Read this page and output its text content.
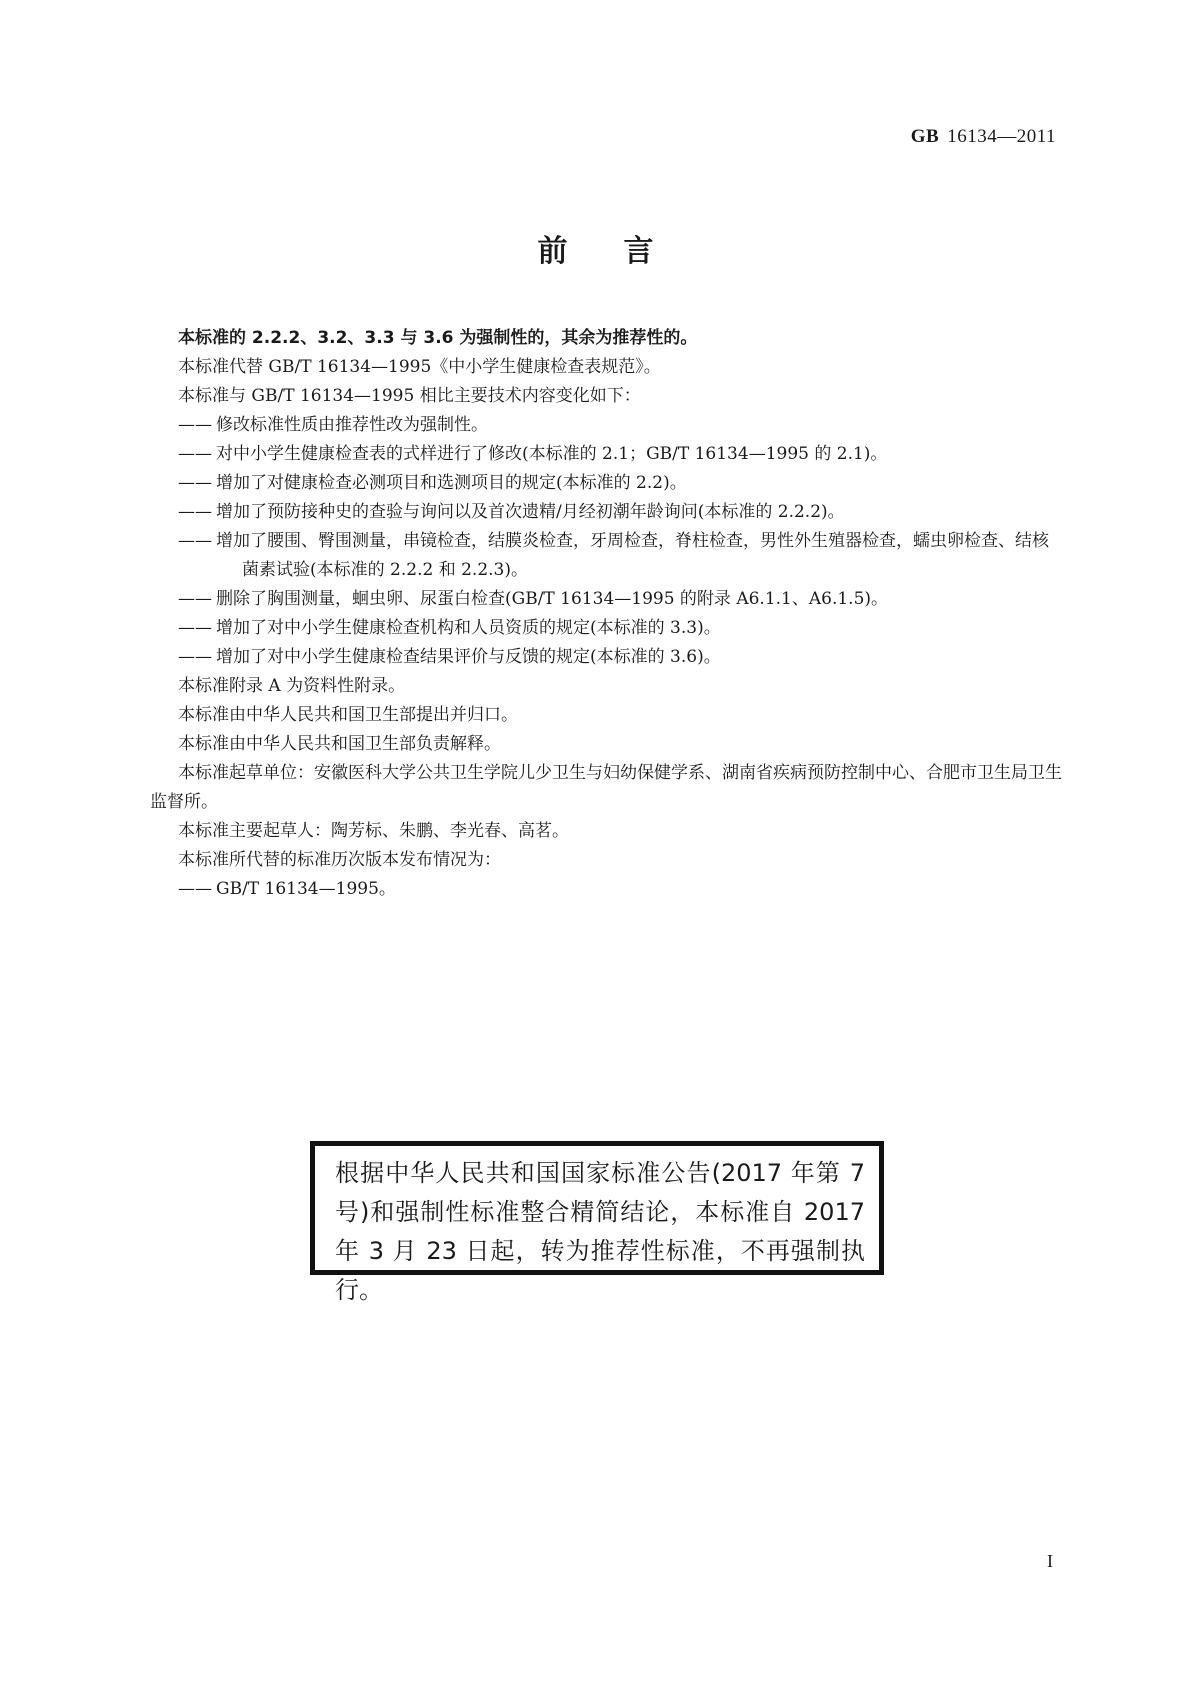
GB 16134—2011
前言

本标准的 2.2.2、3.2、3.3 与 3.6 为强制性的，其余为推荐性的。

本标准代替 GB/T 16134—1995《中小学生健康检查表规范》。

本标准与 GB/T 16134—1995 相比主要技术内容变化如下：

—— 修改标准性质由推荐性改为强制性。

—— 对中小学生健康检查表的式样进行了修改(本标准的 2.1；GB/T 16134—1995 的 2.1)。

—— 增加了对健康检查必测项目和选测项目的规定(本标准的 2.2)。

—— 增加了预防接种史的查验与询问以及首次遗精/月经初潮年龄询问(本标准的 2.2.2)。

—— 增加了腰围、臀围测量，串镜检查，结膜炎检查，牙周检查，脊柱检查，男性外生殖器检查，蠕虫卵检查、结核菌素试验(本标准的 2.2.2 和 2.2.3)。

—— 删除了胸围测量，蛔虫卵、尿蛋白检查(GB/T 16134—1995 的附录 A6.1.1、A6.1.5)。

—— 增加了对中小学生健康检查机构和人员资质的规定(本标准的 3.3)。

—— 增加了对中小学生健康检查结果评价与反馈的规定(本标准的 3.6)。

本标准附录 A 为资料性附录。

本标准由中华人民共和国卫生部提出并归口。

本标准由中华人民共和国卫生部负责解释。

本标准起草单位：安徽医科大学公共卫生学院儿少卫生与妇幼保健学系、湖南省疾病预防控制中心、合肥市卫生局卫生监督所。

本标准主要起草人：陶芳标、朱鹏、李光春、高茗。

本标准所代替的标准历次版本发布情况为：

—— GB/T 16134—1995。

根据中华人民共和国国家标准公告(2017 年第 7 号)和强制性标准整合精简结论，本标准自 2017 年 3 月 23 日起，转为推荐性标准，不再强制执行。
I
